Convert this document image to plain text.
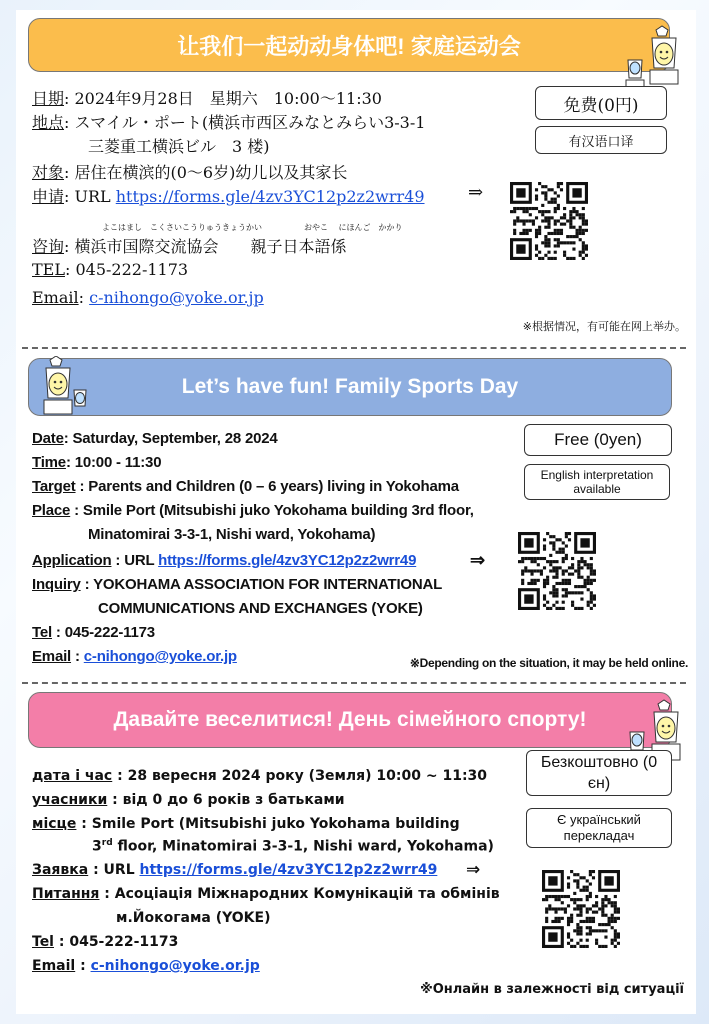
让我们一起动动身体吧! 家庭运动会
日期: 2024年9月28日　星期六　10:00～11:30
地点: スマイル・ポート(横浜市西区みなとみらい3-3-1
三菱重工横浜ビル　3 楼)
对象: 居住在横滨的(0～6岁)幼儿以及其家长
申请: URL https://forms.gle/4zv3YC12p2z2wrr49 ⇒
よこはまし　こくさいこうりゅうきょうかい	おやこ　 にほんご　かかり
咨询: 横浜市国際交流協会　　親子日本語係
TEL: 045-222-1173
Email: c-nihongo@yoke.or.jp
免费(0円)
有汉语口译
※根据情况，有可能在网上举办。
Let’s have fun! Family Sports Day
Date: Saturday, September, 28 2024
Time: 10:00 - 11:30
Target : Parents and Children (0 – 6 years) living in Yokohama
Place : Smile Port (Mitsubishi juko Yokohama building 3rd floor,
Minatomirai 3-3-1, Nishi ward, Yokohama)
Application : URL https://forms.gle/4zv3YC12p2z2wrr49	⇒
Inquiry : YOKOHAMA ASSOCIATION FOR INTERNATIONAL
COMMUNICATIONS AND EXCHANGES (YOKE)
Tel : 045-222-1173
Email : c-nihongo@yoke.or.jp
Free (0yen)
English interpretation available
※Depending on the situation, it may be held online.
Давайте веселитися! День сімейного спорту!
дата і час : 28 вересня 2024 року (Земля) 10:00 ~ 11:30
учасники : від 0 до 6 років з батьками
місце : Smile Port (Mitsubishi juko Yokohama building
3rd floor, Minatomirai 3-3-1, Nishi ward, Yokohama)
Заявка : URL https://forms.gle/4zv3YC12p2z2wrr49 ⇒
Питання : Асоціація Міжнародних Комунікацій та обмінів
м.Йокогама (YOKE)
Tel : 045-222-1173
Email : c-nihongo@yoke.or.jp
Безкоштовно (0 єн)
Є український перекладач
※Онлайн в залежності від ситуації
